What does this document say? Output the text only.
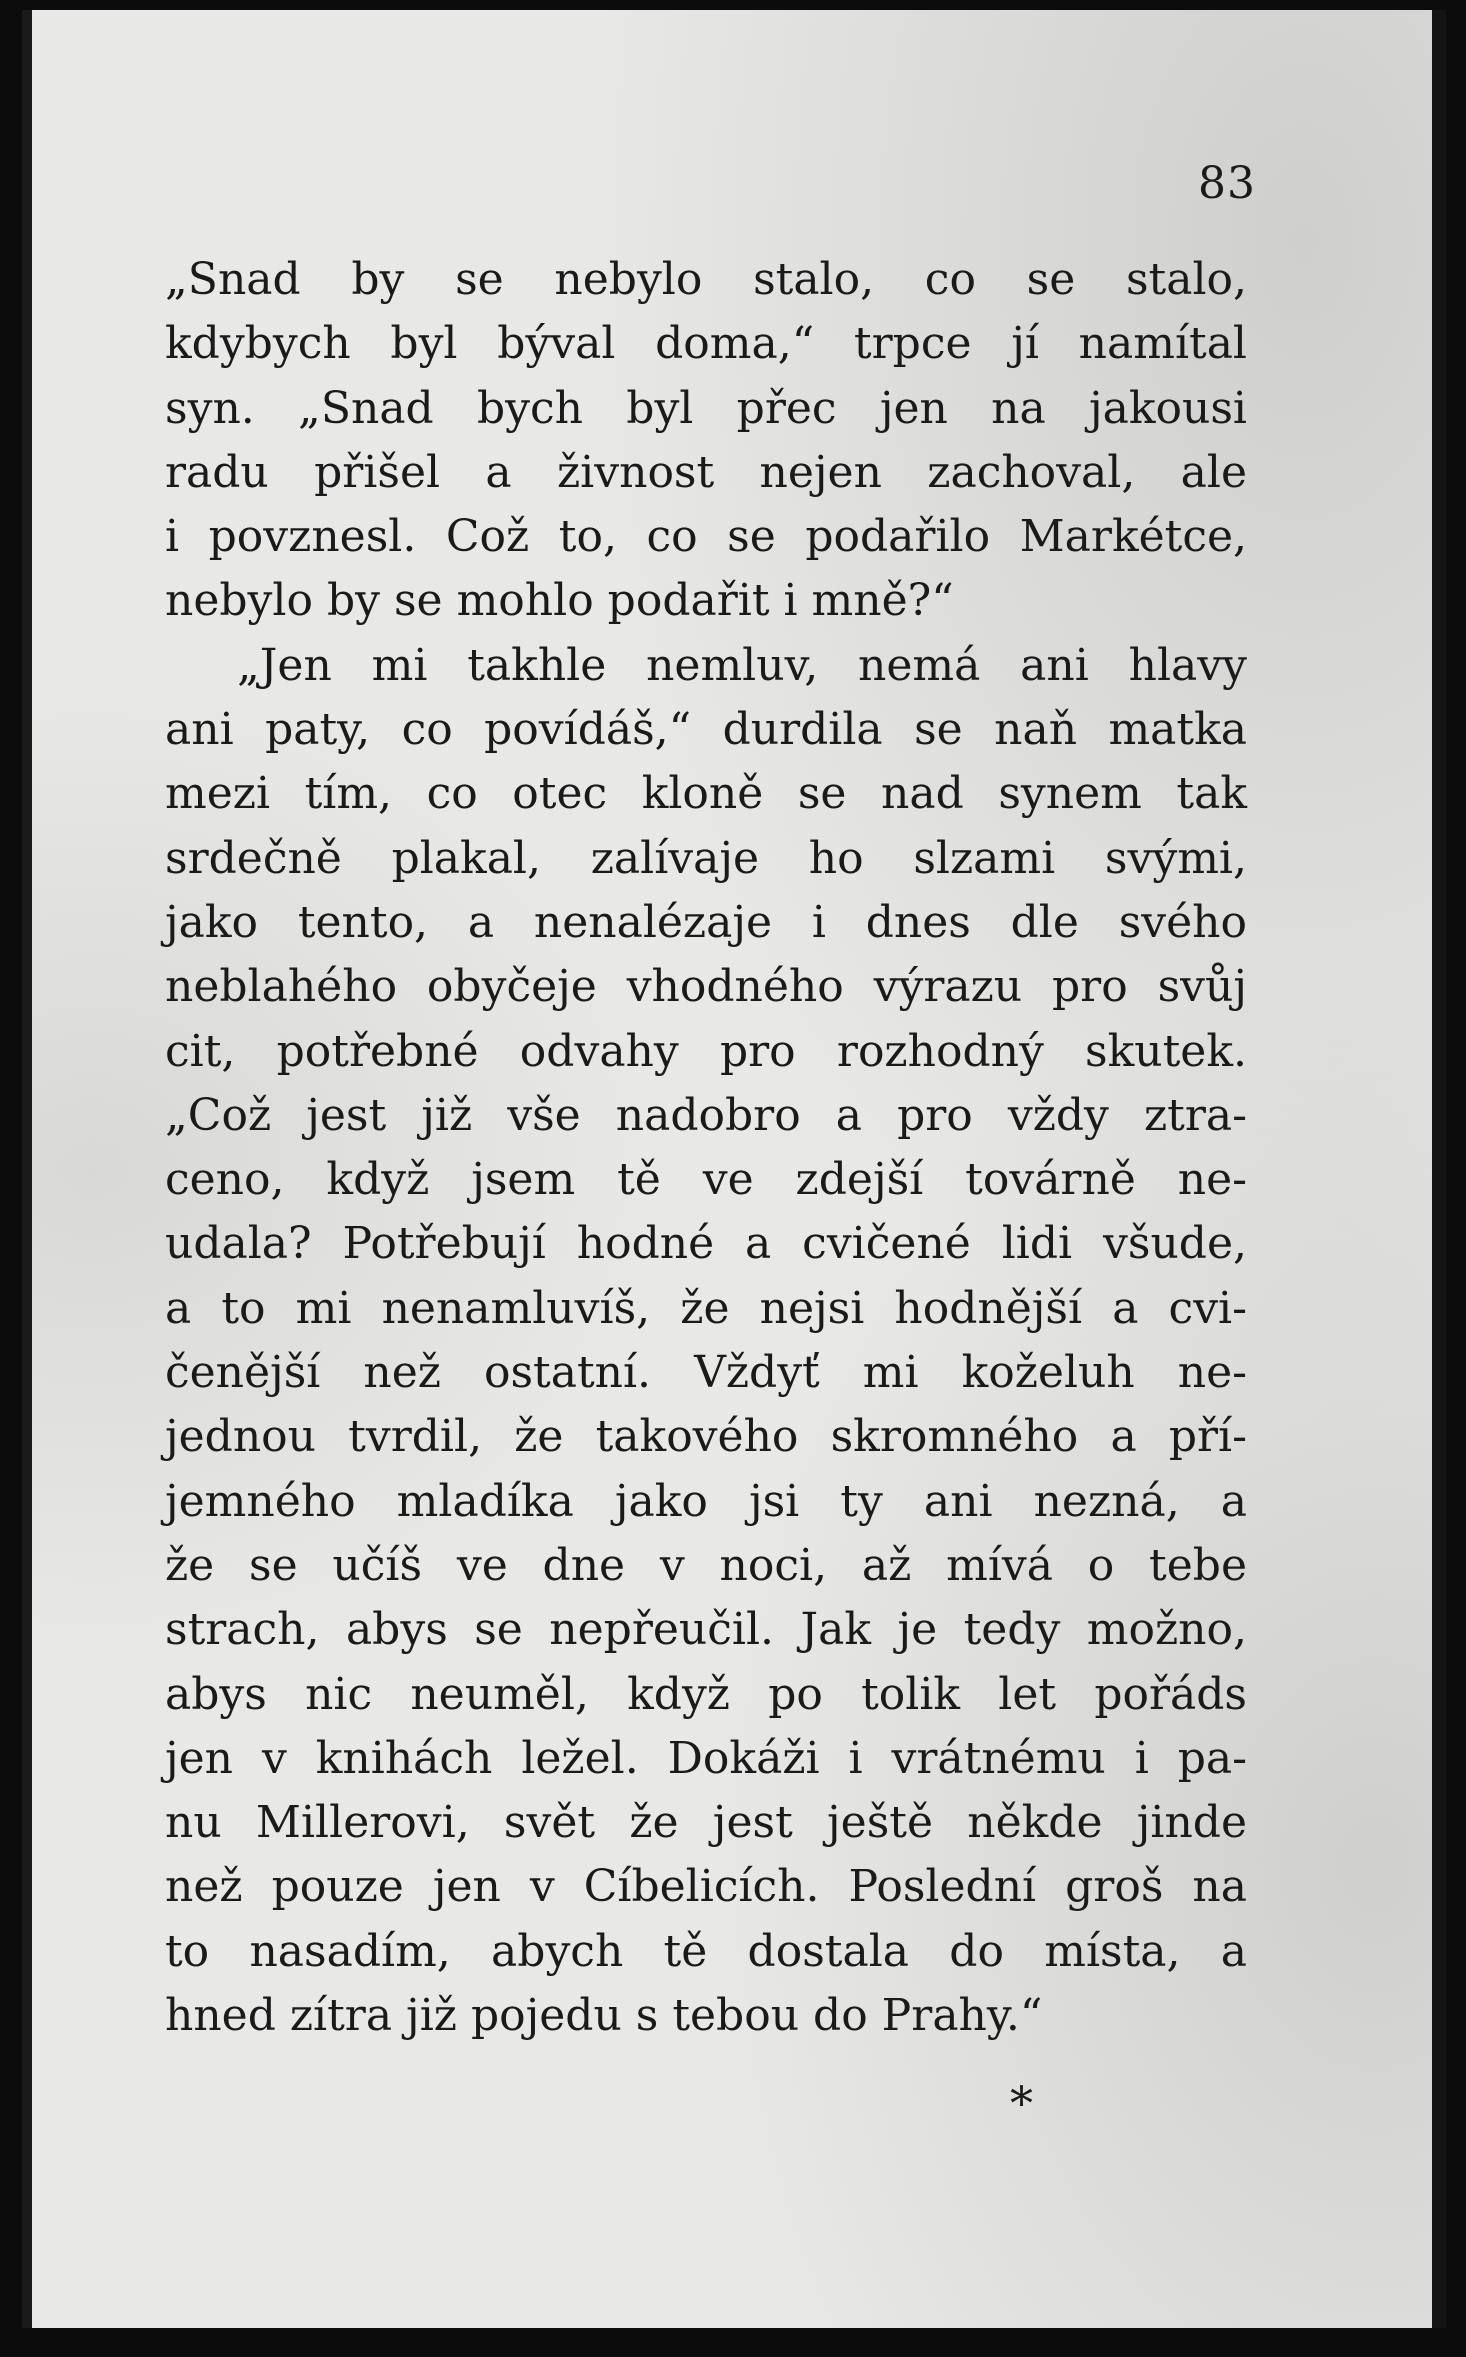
83
„Snad by se nebylo stalo, co se stalo,
kdybych byl býval doma,“ trpce jí namítal
syn. „Snad bych byl přec jen na jakousi
radu přišel a živnost nejen zachoval, ale
i povznesl. Což to, co se podařilo Markétce,
nebylo by se mohlo podařit i mně?“
„Jen mi takhle nemluv, nemá ani hlavy
ani paty, co povídáš,“ durdila se naň matka
mezi tím, co otec kloně se nad synem tak
srdečně plakal, zalívaje ho slzami svými,
jako tento, a nenalézaje i dnes dle svého
neblahého obyčeje vhodného výrazu pro svůj
cit, potřebné odvahy pro rozhodný skutek.
„Což jest již vše nadobro a pro vždy ztra-
ceno, když jsem tě ve zdejší továrně ne-
udala? Potřebují hodné a cvičené lidi všude,
a to mi nenamluvíš, že nejsi hodnější a cvi-
čenější než ostatní. Vždyť mi koželuh ne-
jednou tvrdil, že takového skromného a pří-
jemného mladíka jako jsi ty ani nezná, a
že se učíš ve dne v noci, až mívá o tebe
strach, abys se nepřeučil. Jak je tedy možno,
abys nic neuměl, když po tolik let pořáds
jen v knihách ležel. Dokáži i vrátnému i pa-
nu Millerovi, svět že jest ještě někde jinde
než pouze jen v Cíbelicích. Poslední groš na
to nasadím, abych tě dostala do místa, a
hned zítra již pojedu s tebou do Prahy.“
*
